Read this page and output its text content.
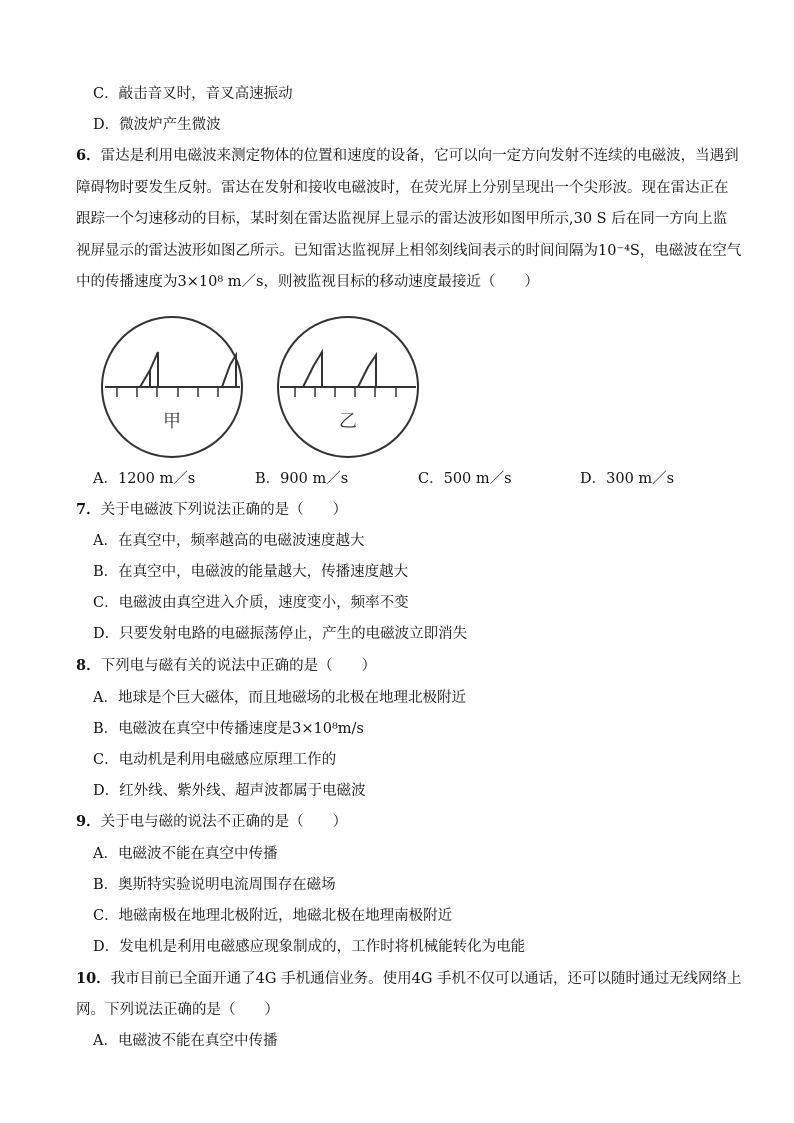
C．敲击音叉时，音叉高速振动
D．微波炉产生微波
6．雷达是利用电磁波来测定物体的位置和速度的设备，它可以向一定方向发射不连续的电磁波，当遇到
障碍物时要发生反射。雷达在发射和接收电磁波时，在荧光屏上分别呈现出一个尖形波。现在雷达正在
跟踪一个匀速移动的目标，某时刻在雷达监视屏上显示的雷达波形如图甲所示,30 S 后在同一方向上监
视屏显示的雷达波形如图乙所示。已知雷达监视屏上相邻刻线间表示的时间间隔为10⁻⁴S，电磁波在空气
中的传播速度为3×10⁸ m／s，则被监视目标的移动速度最接近（　　）
甲	乙
A．1200 m／s	B．900 m／s	C．500 m／s	D．300 m／s
7．关于电磁波下列说法正确的是（　　）
A．在真空中，频率越高的电磁波速度越大
B．在真空中，电磁波的能量越大，传播速度越大
C．电磁波由真空进入介质，速度变小，频率不变
D．只要发射电路的电磁振荡停止，产生的电磁波立即消失
8．下列电与磁有关的说法中正确的是（　　）
A．地球是个巨大磁体，而且地磁场的北极在地理北极附近
B．电磁波在真空中传播速度是3×10⁸m/s
C．电动机是利用电磁感应原理工作的
D．红外线、紫外线、超声波都属于电磁波
9．关于电与磁的说法不正确的是（　　）
A．电磁波不能在真空中传播
B．奥斯特实验说明电流周围存在磁场
C．地磁南极在地理北极附近，地磁北极在地理南极附近
D．发电机是利用电磁感应现象制成的，工作时将机械能转化为电能
10．我市目前已全面开通了4G 手机通信业务。使用4G 手机不仅可以通话，还可以随时通过无线网络上
网。下列说法正确的是（　　）
A．电磁波不能在真空中传播
